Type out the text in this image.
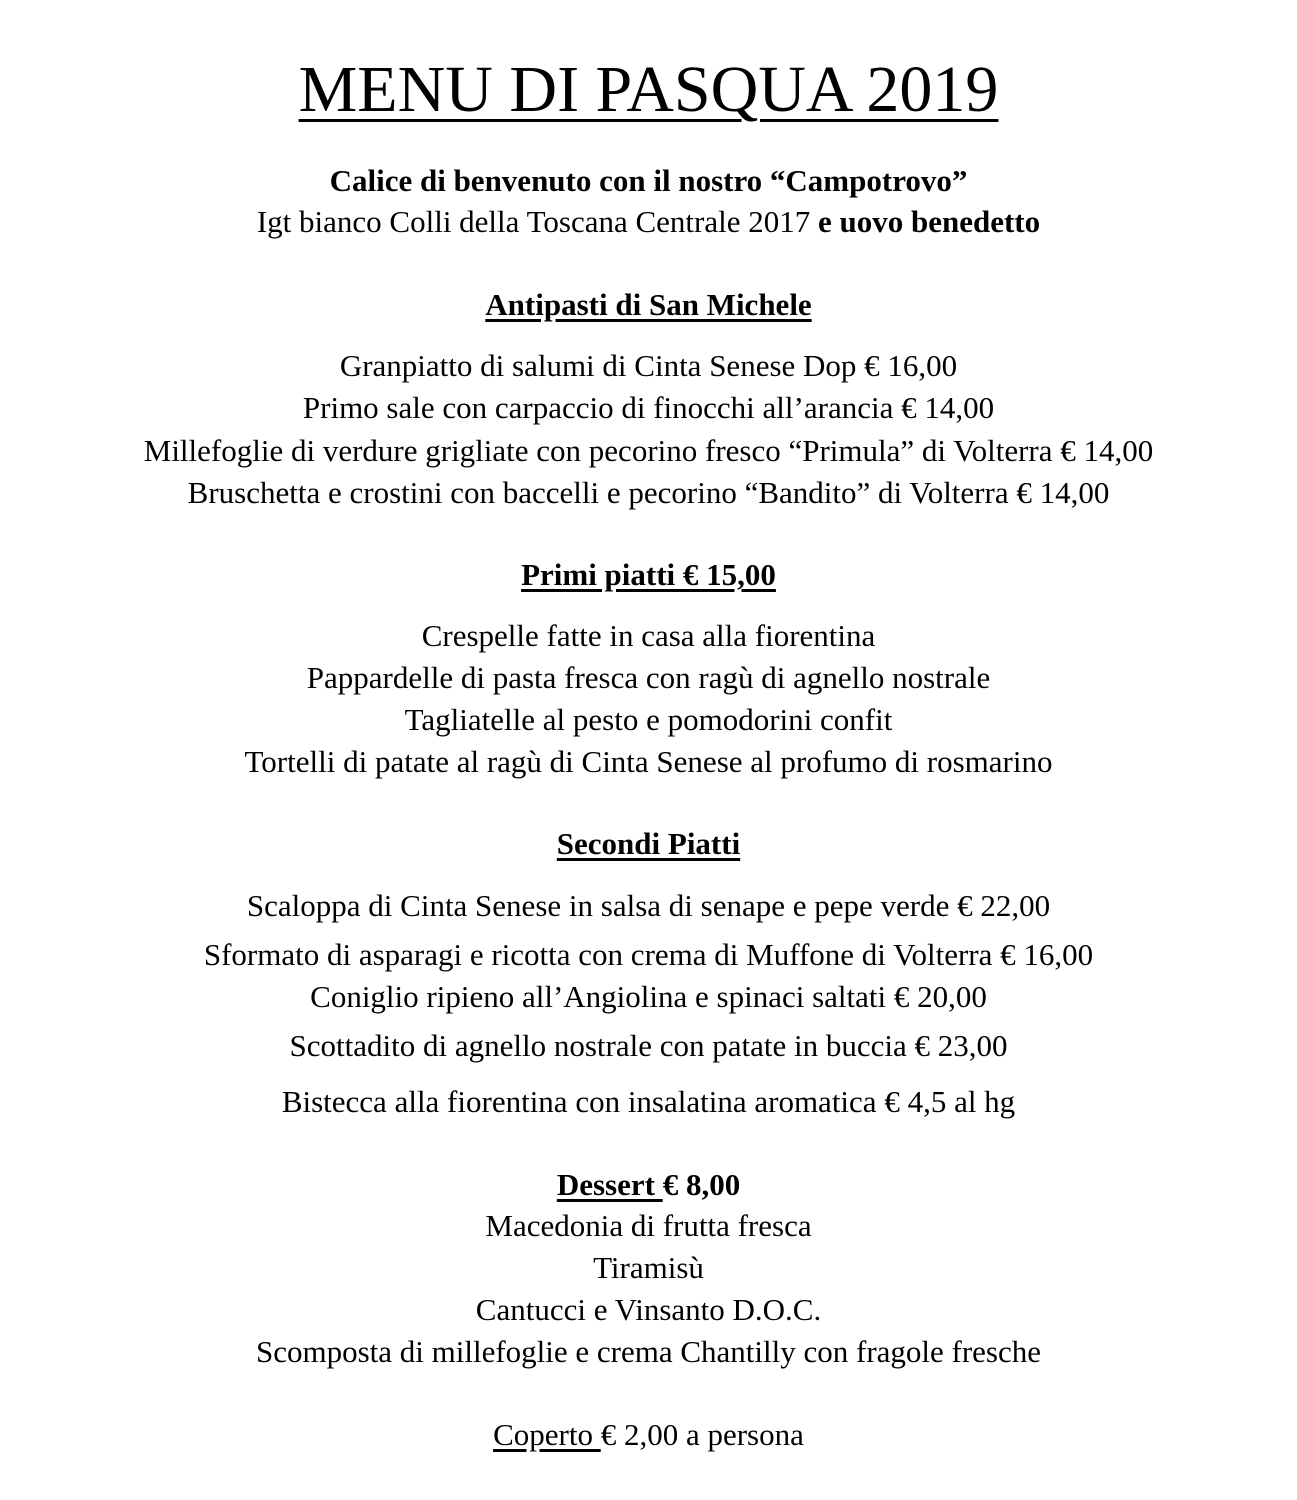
MENU DI PASQUA 2019
Calice di benvenuto con il nostro “Campotrovo”
Igt bianco Colli della Toscana Centrale 2017 e uovo benedetto
Antipasti di San Michele
Granpiatto di salumi di Cinta Senese Dop € 16,00
Primo sale con carpaccio di finocchi all’arancia € 14,00
Millefoglie di verdure grigliate con pecorino fresco “Primula” di Volterra € 14,00
Bruschetta e crostini con baccelli e pecorino “Bandito” di Volterra € 14,00
Primi piatti € 15,00
Crespelle fatte in casa alla fiorentina
Pappardelle di pasta fresca con ragù di agnello nostrale
Tagliatelle al pesto e pomodorini confit
Tortelli di patate al ragù di Cinta Senese al profumo di rosmarino
Secondi Piatti
Scaloppa di Cinta Senese in salsa di senape e pepe verde € 22,00
Sformato di asparagi e ricotta con crema di Muffone di Volterra € 16,00
Coniglio ripieno all’Angiolina e spinaci saltati € 20,00
Scottadito di agnello nostrale con patate in buccia € 23,00
Bistecca alla fiorentina con insalatina aromatica € 4,5 al hg
Dessert € 8,00
Macedonia di frutta fresca
Tiramisù
Cantucci e Vinsanto D.O.C.
Scomposta di millefoglie e crema Chantilly con fragole fresche
Coperto € 2,00 a persona
